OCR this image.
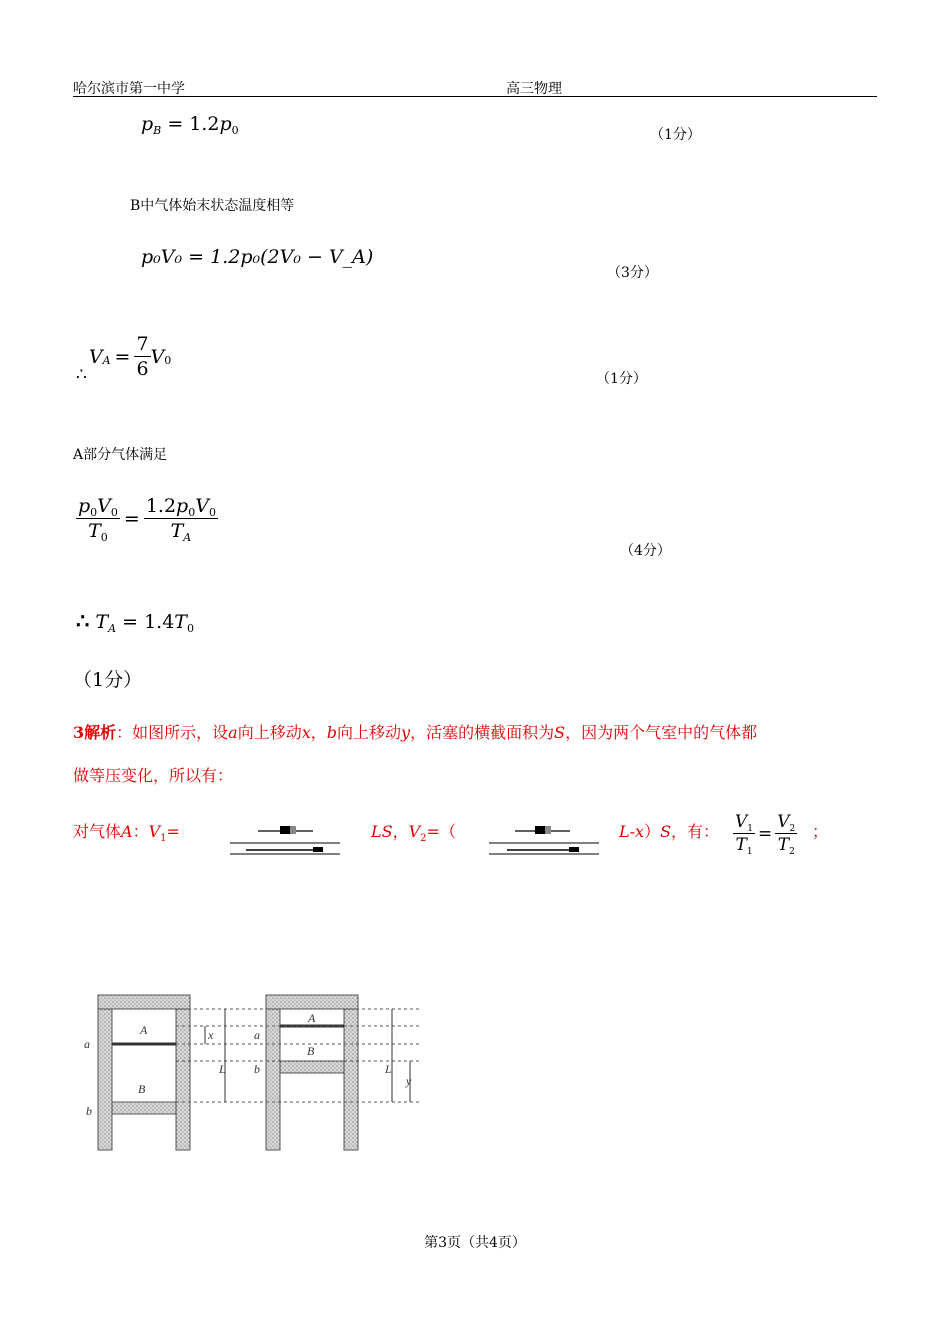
哈尔滨市第一中学	高三物理
$p_B = 1.2p_0$	（1分）
B中气体始末状态温度相等
p₀V₀ = 1.2p₀(2V₀ − V_A)
（3分）
∴
V $A = \frac{7}{6}$ V 0
（1分）
A部分气体满足
$\frac{p_0V_0}{T_0} = \frac{1.2p_0V_0}{T_A}$
（4分）
∴ $T_A = 1.4T_0$
（1分）
3解析：如图所示，设a向上移动x，b向上移动y，活塞的横截面积为S，因为两个气室中的气体都
做等压变化，所以有：
对气体A：$V_1=$	LS，$V_2=$（	L-x）S，有： $\frac{V_1}{T_1} = \frac{V_2}{T_2}$ ；
a
b
A
B
x
L
a
b
A
B
L
y
第3页（共4页）
